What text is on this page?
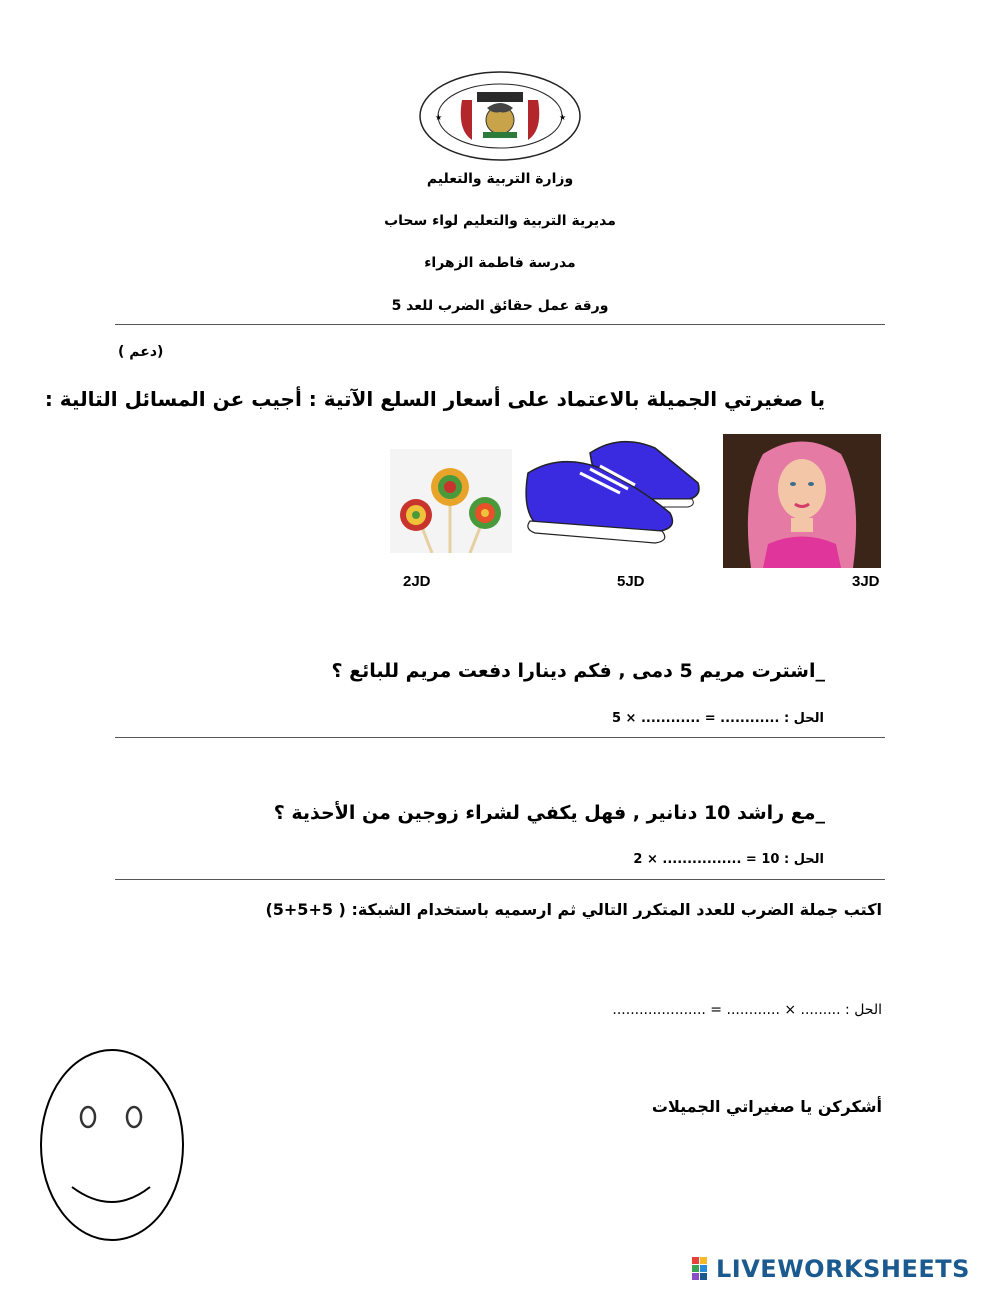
★	★
وزارة التربية والتعليم
مديرية التربية والتعليم لواء سحاب
مدرسة فاطمة الزهراء
ورقة عمل حقائق الضرب للعد 5
(دعم )
يا صغيرتي الجميلة بالاعتماد على أسعار السلع الآتية : أجيب عن المسائل التالية :
2JD	5JD	3JD
_اشترت مريم 5 دمى , فكم دينارا دفعت مريم للبائع ؟
الحل : ............ = ............ × 5
_مع راشد 10 دنانير , فهل يكفي لشراء زوجين من الأحذية ؟
الحل : 10 = ................ × 2
اكتب جملة الضرب للعدد المتكرر التالي ثم ارسميه باستخدام الشبكة: ( 5+5+5)
الحل : ......... × ............ = .....................
أشكركن يا صغيراتي الجميلات
LIVEWORKSHEETS
